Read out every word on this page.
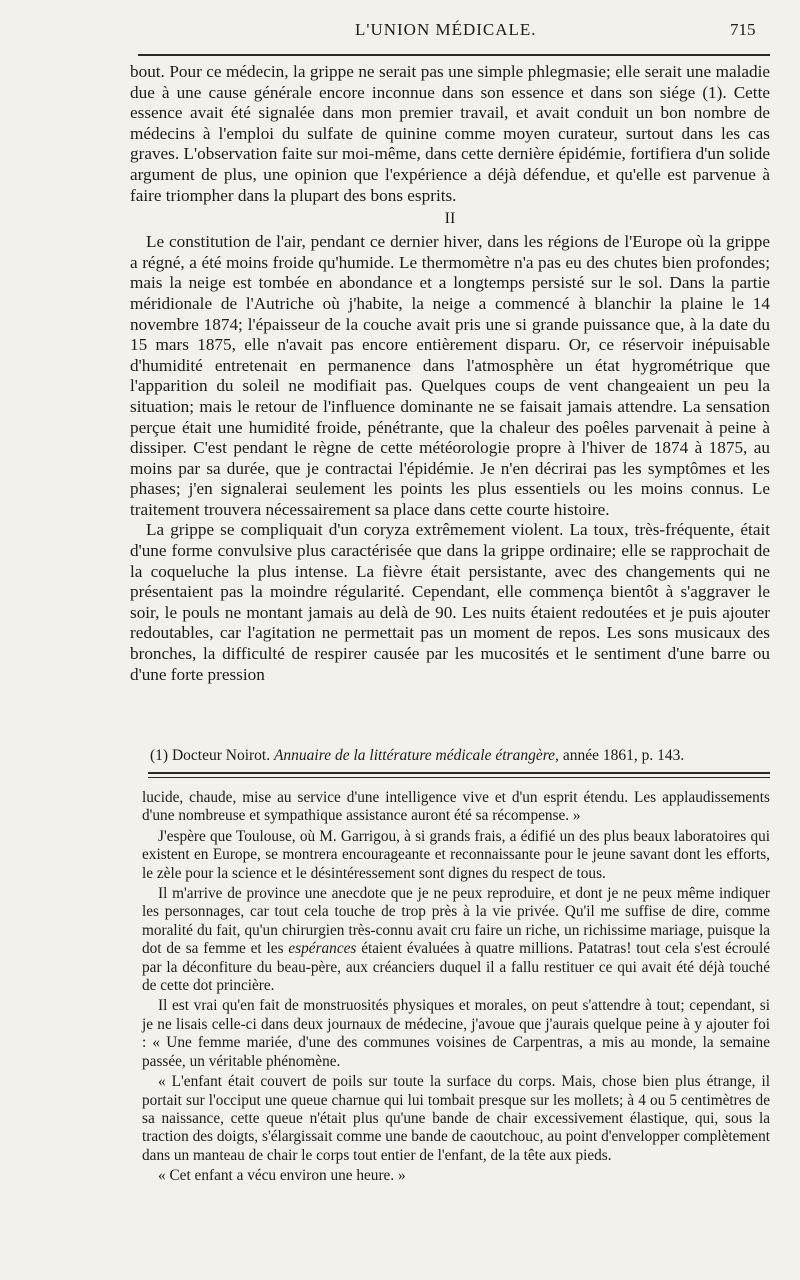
L'UNION MÉDICALE.	715

bout. Pour ce médecin, la grippe ne serait pas une simple phlegmasie; elle serait une maladie due à une cause générale encore inconnue dans son essence et dans son siége (1). Cette essence avait été signalée dans mon premier travail, et avait conduit un bon nombre de médecins à l'emploi du sulfate de quinine comme moyen curateur, surtout dans les cas graves. L'observation faite sur moi-même, dans cette dernière épidémie, fortifiera d'un solide argument de plus, une opinion que l'expérience a déjà défendue, et qu'elle est parvenue à faire triompher dans la plupart des bons esprits.

II

Le constitution de l'air, pendant ce dernier hiver, dans les régions de l'Europe où la grippe a régné, a été moins froide qu'humide. Le thermomètre n'a pas eu des chutes bien profondes; mais la neige est tombée en abondance et a longtemps persisté sur le sol. Dans la partie méridionale de l'Autriche où j'habite, la neige a commencé à blanchir la plaine le 14 novembre 1874; l'épaisseur de la couche avait pris une si grande puissance que, à la date du 15 mars 1875, elle n'avait pas encore entièrement disparu. Or, ce réservoir inépuisable d'humidité entretenait en permanence dans l'atmosphère un état hygrométrique que l'apparition du soleil ne modifiait pas. Quelques coups de vent changeaient un peu la situation; mais le retour de l'influence dominante ne se faisait jamais attendre. La sensation perçue était une humidité froide, pénétrante, que la chaleur des poêles parvenait à peine à dissiper. C'est pendant le règne de cette météorologie propre à l'hiver de 1874 à 1875, au moins par sa durée, que je contractai l'épidémie. Je n'en décrirai pas les symptômes et les phases; j'en signalerai seulement les points les plus essentiels ou les moins connus. Le traitement trouvera nécessairement sa place dans cette courte histoire.

La grippe se compliquait d'un coryza extrêmement violent. La toux, très-fréquente, était d'une forme convulsive plus caractérisée que dans la grippe ordinaire; elle se rapprochait de la coqueluche la plus intense. La fièvre était persistante, avec des changements qui ne présentaient pas la moindre régularité. Cependant, elle commença bientôt à s'aggraver le soir, le pouls ne montant jamais au delà de 90. Les nuits étaient redoutées et je puis ajouter redoutables, car l'agitation ne permettait pas un moment de repos. Les sons musicaux des bronches, la difficulté de respirer causée par les mucosités et le sentiment d'une barre ou d'une forte pression

(1) Docteur Noirot. Annuaire de la littérature médicale étrangère, année 1861, p. 143.

lucide, chaude, mise au service d'une intelligence vive et d'un esprit étendu. Les applaudissements d'une nombreuse et sympathique assistance auront été sa récompense. »

J'espère que Toulouse, où M. Garrigou, à si grands frais, a édifié un des plus beaux laboratoires qui existent en Europe, se montrera encourageante et reconnaissante pour le jeune savant dont les efforts, le zèle pour la science et le désintéressement sont dignes du respect de tous.

Il m'arrive de province une anecdote que je ne peux reproduire, et dont je ne peux même indiquer les personnages, car tout cela touche de trop près à la vie privée. Qu'il me suffise de dire, comme moralité du fait, qu'un chirurgien très-connu avait cru faire un riche, un richissime mariage, puisque la dot de sa femme et les espérances étaient évaluées à quatre millions. Patatras! tout cela s'est écroulé par la déconfiture du beau-père, aux créanciers duquel il a fallu restituer ce qui avait été déjà touché de cette dot princière.

Il est vrai qu'en fait de monstruosités physiques et morales, on peut s'attendre à tout; cependant, si je ne lisais celle-ci dans deux journaux de médecine, j'avoue que j'aurais quelque peine à y ajouter foi : « Une femme mariée, d'une des communes voisines de Carpentras, a mis au monde, la semaine passée, un véritable phénomène.

« L'enfant était couvert de poils sur toute la surface du corps. Mais, chose bien plus étrange, il portait sur l'occiput une queue charnue qui lui tombait presque sur les mollets; à 4 ou 5 centimètres de sa naissance, cette queue n'était plus qu'une bande de chair excessivement élastique, qui, sous la traction des doigts, s'élargissait comme une bande de caoutchouc, au point d'envelopper complètement dans un manteau de chair le corps tout entier de l'enfant, de la tête aux pieds.

« Cet enfant a vécu environ une heure. »
